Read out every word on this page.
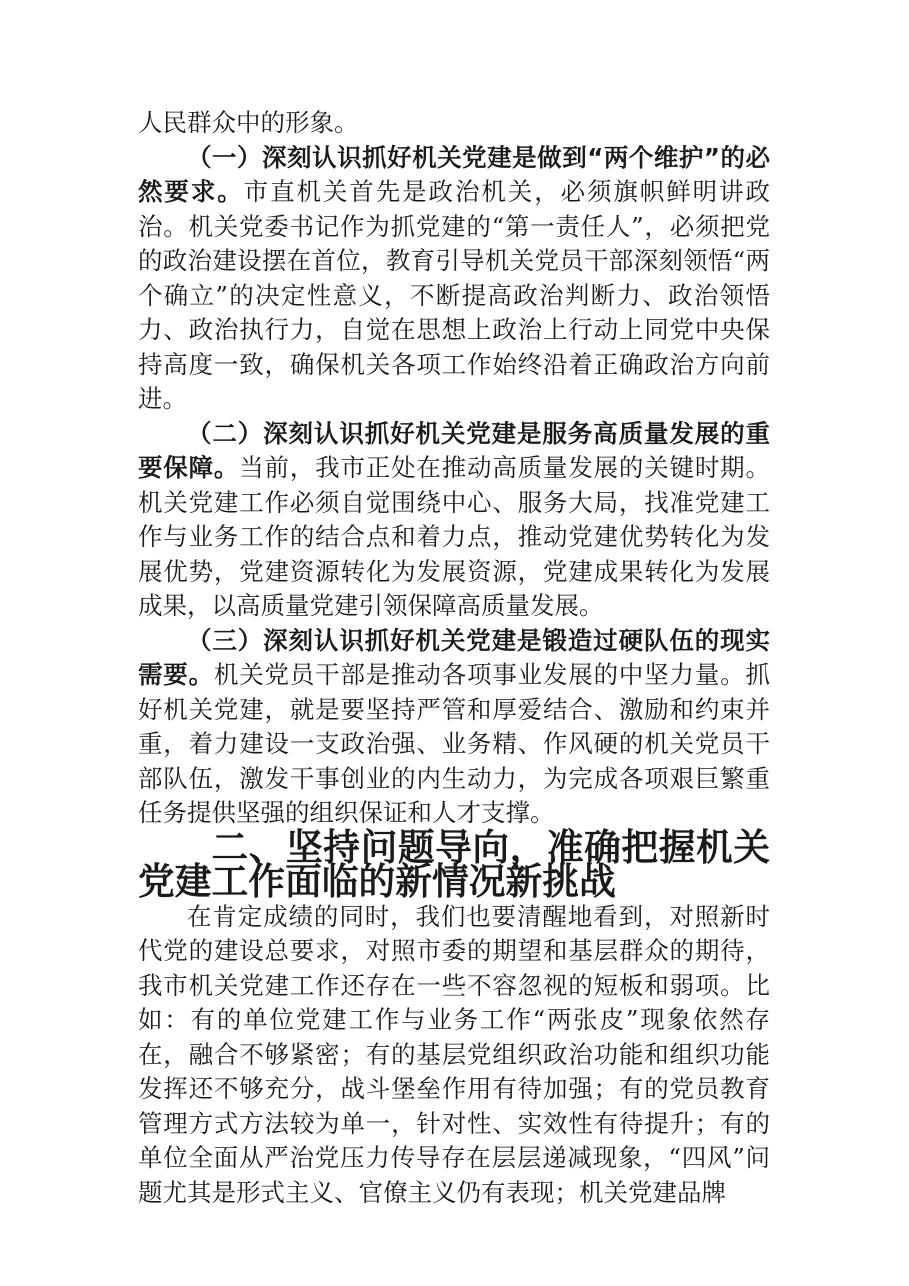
人民群众中的形象。

（一）深刻认识抓好机关党建是做到“两个维护”的必然要求。市直机关首先是政治机关，必须旗帜鲜明讲政治。机关党委书记作为抓党建的“第一责任人”，必须把党的政治建设摆在首位，教育引导机关党员干部深刻领悟“两个确立”的决定性意义，不断提高政治判断力、政治领悟力、政治执行力，自觉在思想上政治上行动上同党中央保持高度一致，确保机关各项工作始终沿着正确政治方向前进。

（二）深刻认识抓好机关党建是服务高质量发展的重要保障。当前，我市正处在推动高质量发展的关键时期。机关党建工作必须自觉围绕中心、服务大局，找准党建工作与业务工作的结合点和着力点，推动党建优势转化为发展优势，党建资源转化为发展资源，党建成果转化为发展成果，以高质量党建引领保障高质量发展。

（三）深刻认识抓好机关党建是锻造过硬队伍的现实需要。机关党员干部是推动各项事业发展的中坚力量。抓好机关党建，就是要坚持严管和厚爱结合、激励和约束并重，着力建设一支政治强、业务精、作风硬的机关党员干部队伍，激发干事创业的内生动力，为完成各项艰巨繁重任务提供坚强的组织保证和人才支撑。

二、坚持问题导向，准确把握机关党建工作面临的新情况新挑战

在肯定成绩的同时，我们也要清醒地看到，对照新时代党的建设总要求，对照市委的期望和基层群众的期待，我市机关党建工作还存在一些不容忽视的短板和弱项。比如：有的单位党建工作与业务工作“两张皮”现象依然存在，融合不够紧密；有的基层党组织政治功能和组织功能发挥还不够充分，战斗堡垒作用有待加强；有的党员教育管理方式方法较为单一，针对性、实效性有待提升；有的单位全面从严治党压力传导存在层层递减现象，“四风”问题尤其是形式主义、官僚主义仍有表现；机关党建品牌
